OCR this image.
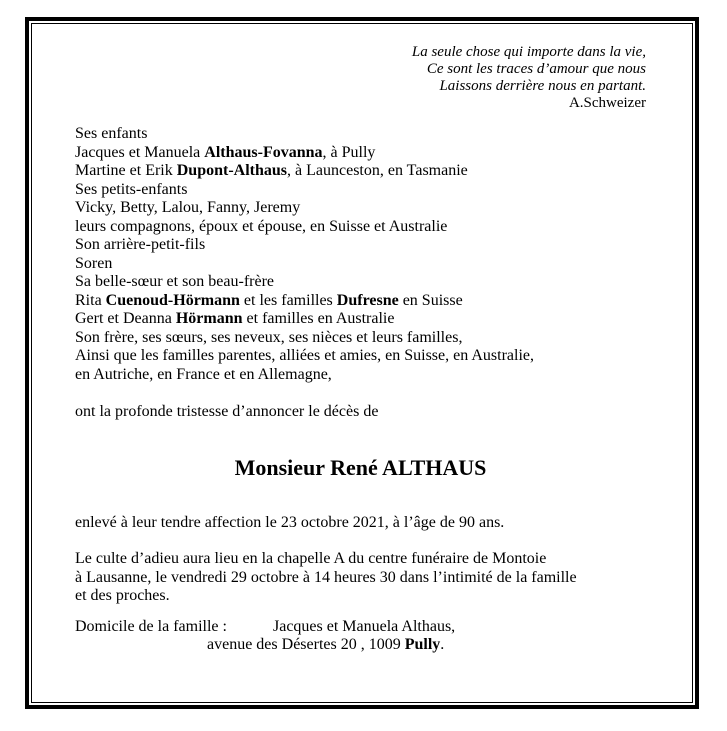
La seule chose qui importe dans la vie,
Ce sont les traces d’amour que nous
Laissons derrière nous en partant.
A.Schweizer
Ses enfants
Jacques et Manuela Althaus-Fovanna, à Pully
Martine et Erik Dupont-Althaus, à Launceston, en Tasmanie
Ses petits-enfants
Vicky, Betty, Lalou, Fanny, Jeremy
leurs compagnons, époux et épouse, en Suisse et Australie
Son arrière-petit-fils
Soren
Sa belle-sœur et son beau-frère
Rita Cuenoud-Hörmann et les familles Dufresne en Suisse
Gert et Deanna Hörmann et familles en Australie
Son frère, ses sœurs, ses neveux, ses nièces et leurs familles,
Ainsi que les familles parentes, alliées et amies, en Suisse, en Australie,
en Autriche, en France et en Allemagne,
ont la profonde tristesse d’annoncer le décès de
Monsieur René ALTHAUS
enlevé à leur tendre affection le 23 octobre 2021, à l’âge de 90 ans.
Le culte d’adieu aura lieu en la chapelle A du centre funéraire de Montoie
à Lausanne, le vendredi 29 octobre à 14 heures 30 dans l’intimité de la famille
et des proches.
Domicile de la famille :	Jacques et Manuela Althaus,
avenue des Désertes 20 , 1009 Pully.
